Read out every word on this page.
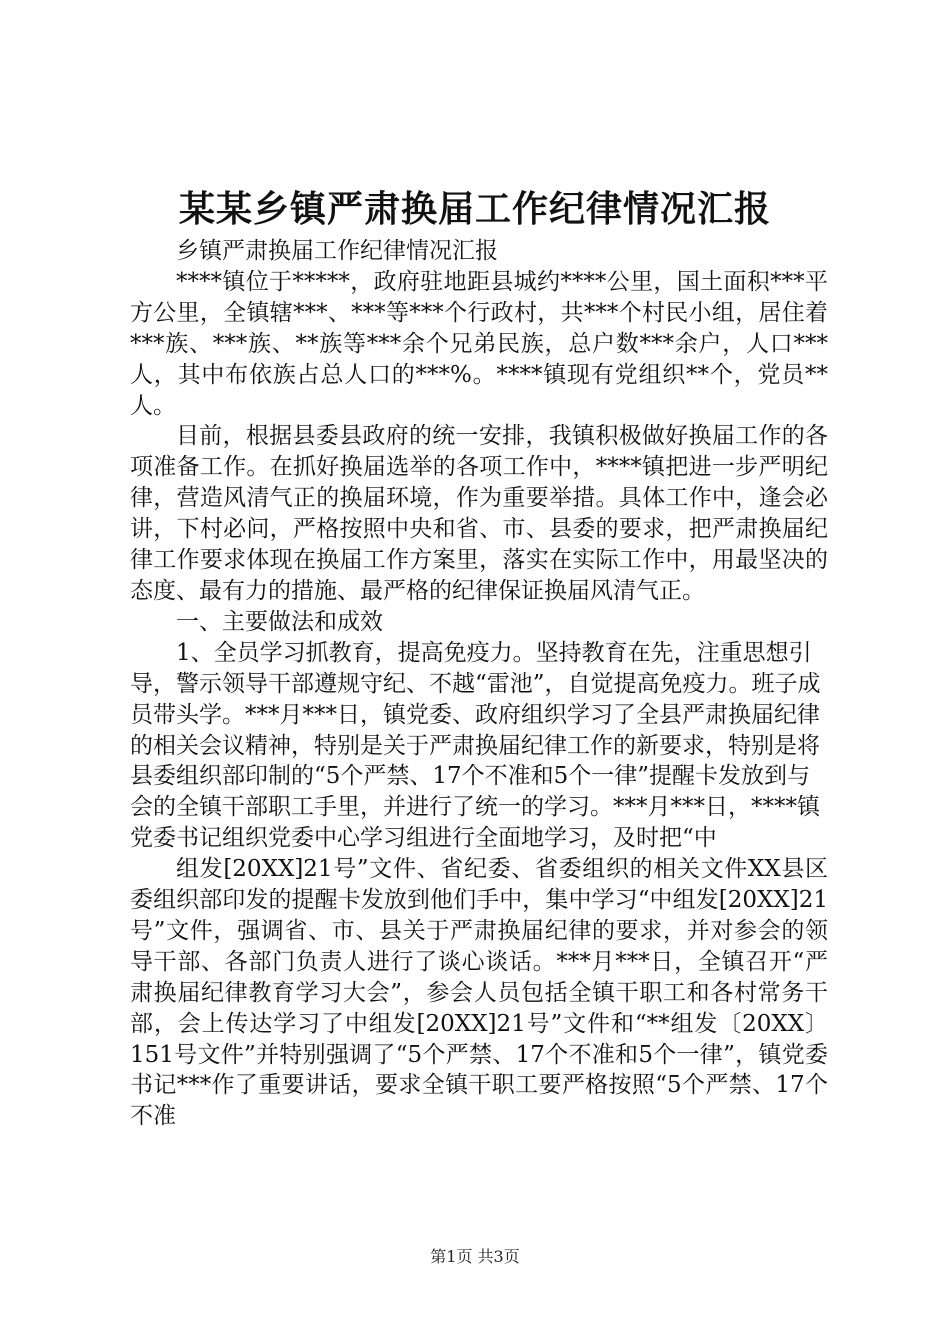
某某乡镇严肃换届工作纪律情况汇报

乡镇严肃换届工作纪律情况汇报

****镇位于*****，政府驻地距县城约****公里，国土面积***平方公里，全镇辖***、***等***个行政村，共***个村民小组，居住着***族、***族、**族等***余个兄弟民族，总户数***余户，人口***人，其中布依族占总人口的***%。****镇现有党组织**个，党员**人。

目前，根据县委县政府的统一安排，我镇积极做好换届工作的各项准备工作。在抓好换届选举的各项工作中，****镇把进一步严明纪律，营造风清气正的换届环境，作为重要举措。具体工作中，逢会必讲，下村必问，严格按照中央和省、市、县委的要求，把严肃换届纪律工作要求体现在换届工作方案里，落实在实际工作中，用最坚决的态度、最有力的措施、最严格的纪律保证换届风清气正。

一、主要做法和成效

1、全员学习抓教育，提高免疫力。坚持教育在先，注重思想引导，警示领导干部遵规守纪、不越“雷池”，自觉提高免疫力。班子成员带头学。***月***日，镇党委、政府组织学习了全县严肃换届纪律的相关会议精神，特别是关于严肃换届纪律工作的新要求，特别是将县委组织部印制的“5个严禁、17个不准和5个一律”提醒卡发放到与会的全镇干部职工手里，并进行了统一的学习。***月***日，****镇党委书记组织党委中心学习组进行全面地学习，及时把“中

组发[20XX]21号”文件、省纪委、省委组织的相关文件XX县区委组织部印发的提醒卡发放到他们手中，集中学习“中组发[20XX]21号”文件，强调省、市、县关于严肃换届纪律的要求，并对参会的领导干部、各部门负责人进行了谈心谈话。***月***日，全镇召开“严肃换届纪律教育学习大会”，参会人员包括全镇干职工和各村常务干部，会上传达学习了中组发[20XX]21号”文件和“**组发〔20XX〕151号文件”并特别强调了“5个严禁、17个不准和5个一律”，镇党委书记***作了重要讲话，要求全镇干职工要严格按照“5个严禁、17个不准

第1页 共3页
